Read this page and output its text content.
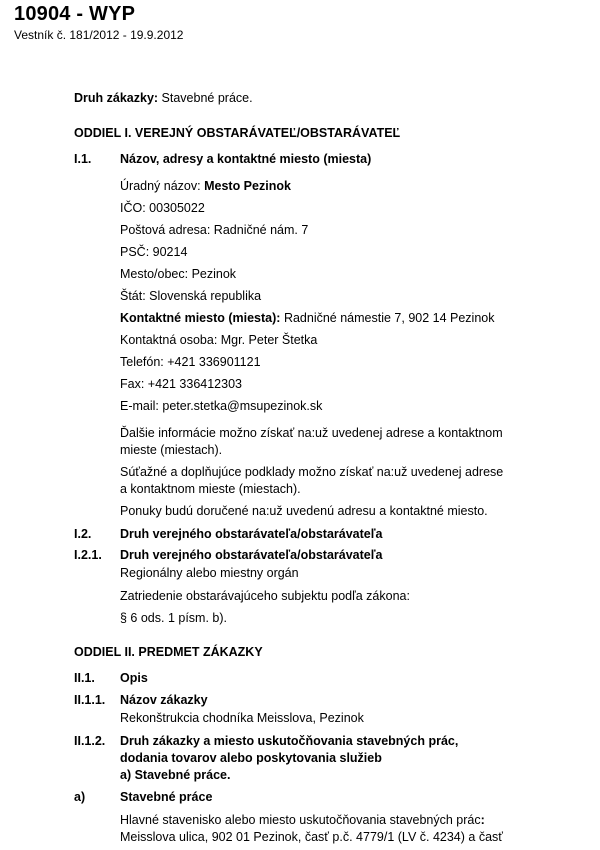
10904 - WYP
Vestník č. 181/2012 - 19.9.2012
Druh zákazky: Stavebné práce.
ODDIEL I. VEREJNÝ OBSTARÁVATEĽ/OBSTARÁVATEĽ
I.1. Názov, adresy a kontaktné miesto (miesta)
Úradný názov: Mesto Pezinok
IČO: 00305022
Poštová adresa: Radničné nám. 7
PSČ: 90214
Mesto/obec: Pezinok
Štát: Slovenská republika
Kontaktné miesto (miesta): Radničné námestie 7, 902 14 Pezinok
Kontaktná osoba: Mgr. Peter Štetka
Telefón: +421 336901121
Fax: +421 336412303
E-mail: peter.stetka@msupezinok.sk
Ďalšie informácie možno získať na:už uvedenej adrese a kontaktnom
mieste (miestach).
Súťažné a doplňujúce podklady možno získať na:už uvedenej adrese
a kontaktnom mieste (miestach).
Ponuky budú doručené na:už uvedenú adresu a kontaktné miesto.
I.2. Druh verejného obstarávateľa/obstarávateľa
I.2.1. Druh verejného obstarávateľa/obstarávateľa
Regionálny alebo miestny orgán
Zatriedenie obstarávajúceho subjektu podľa zákona:
§ 6 ods. 1 písm. b).
ODDIEL II. PREDMET ZÁKAZKY
II.1. Opis
II.1.1. Názov zákazky
Rekonštrukcia chodníka Meisslova, Pezinok
II.1.2. Druh zákazky a miesto uskutočňovania stavebných prác,
dodania tovarov alebo poskytovania služieb
a) Stavebné práce.
a)	Stavebné práce
Hlavné stavenisko alebo miesto uskutočňovania stavebných prác:
Meisslova ulica, 902 01 Pezinok, časť p.č. 4779/1 (LV č. 4234) a časť
